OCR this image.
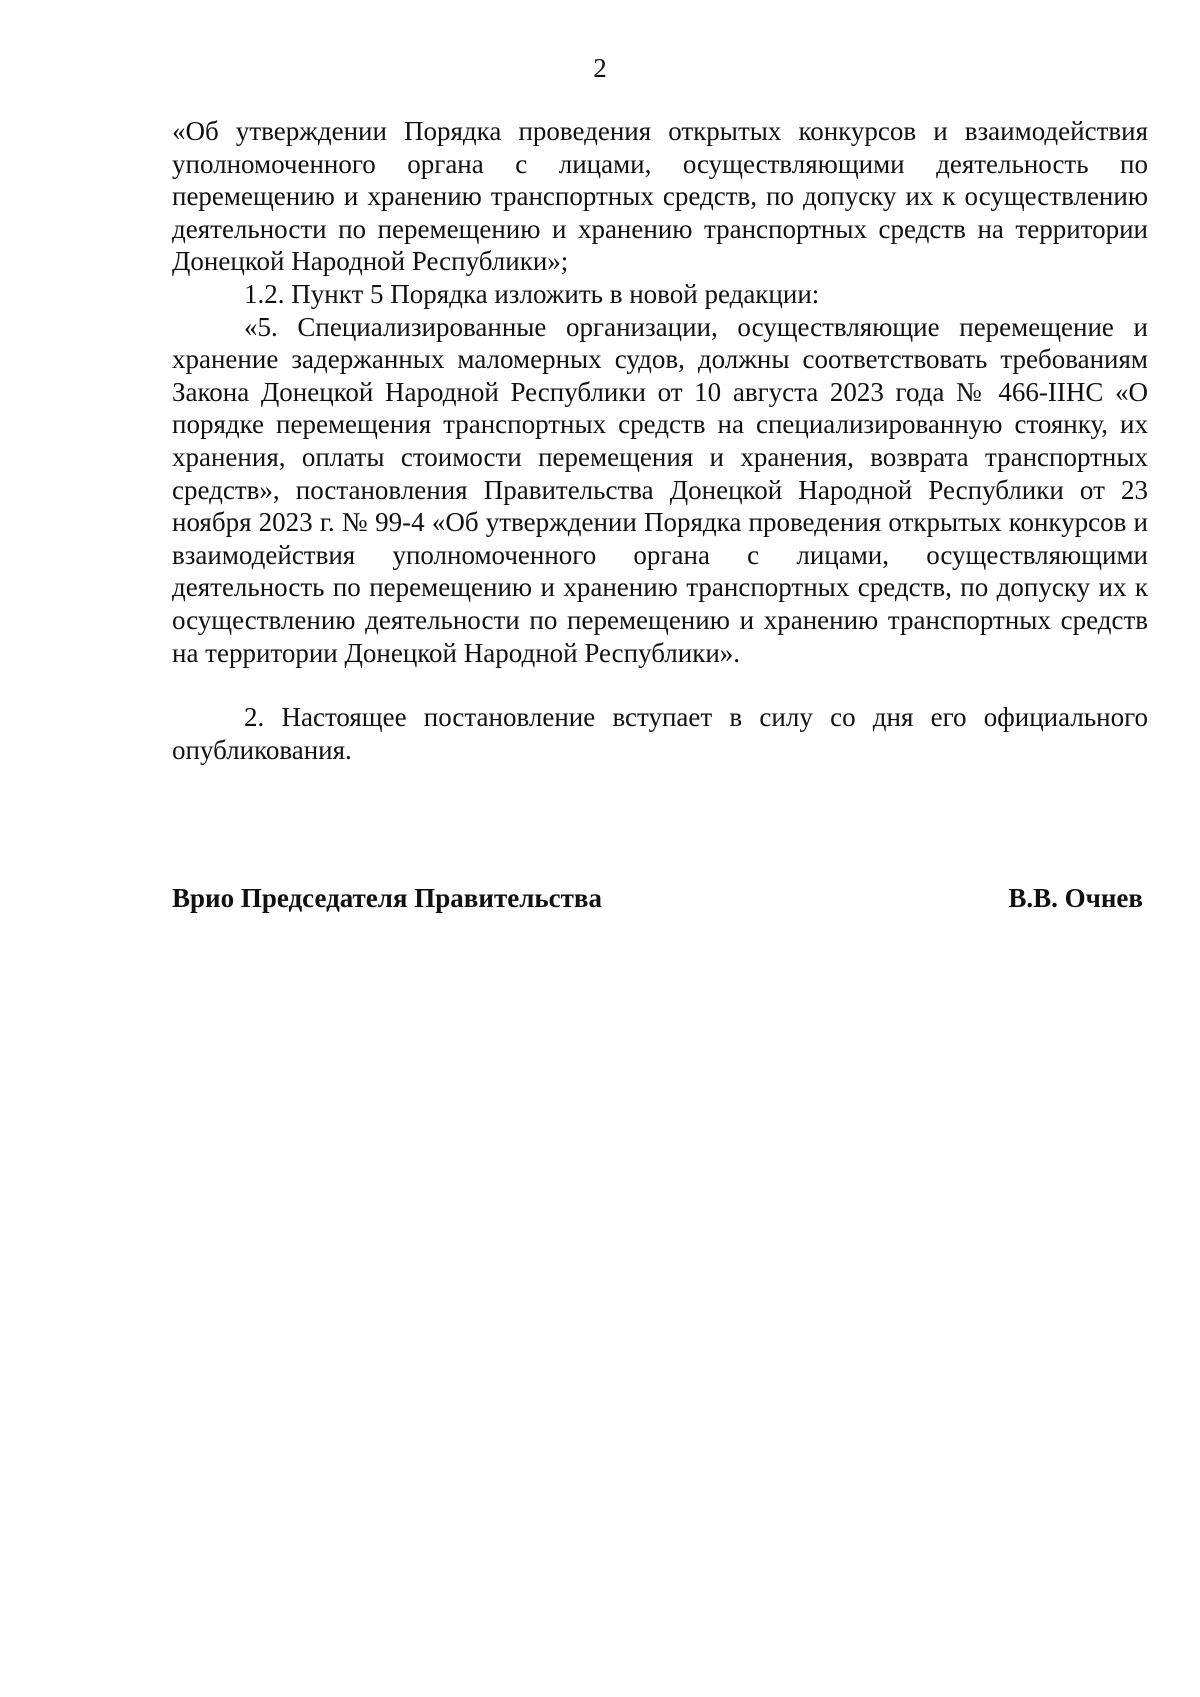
2

«Об утверждении Порядка проведения открытых конкурсов и взаимодействия уполномоченного органа с лицами, осуществляющими деятельность по перемещению и хранению транспортных средств, по допуску их к осуществлению деятельности по перемещению и хранению транспортных средств на территории Донецкой Народной Республики»;

1.2. Пункт 5 Порядка изложить в новой редакции:

«5. Специализированные организации, осуществляющие перемещение и хранение задержанных маломерных судов, должны соответствовать требованиям Закона Донецкой Народной Республики от 10 августа 2023 года № 466-IIНС «О порядке перемещения транспортных средств на специализированную стоянку, их хранения, оплаты стоимости перемещения и хранения, возврата транспортных средств», постановления Правительства Донецкой Народной Республики от 23 ноября 2023 г. № 99-4 «Об утверждении Порядка проведения открытых конкурсов и взаимодействия уполномоченного органа с лицами, осуществляющими деятельность по перемещению и хранению транспортных средств, по допуску их к осуществлению деятельности по перемещению и хранению транспортных средств на территории Донецкой Народной Республики».

2. Настоящее постановление вступает в силу со дня его официального опубликования.

Врио Председателя Правительства	В.В. Очнев
